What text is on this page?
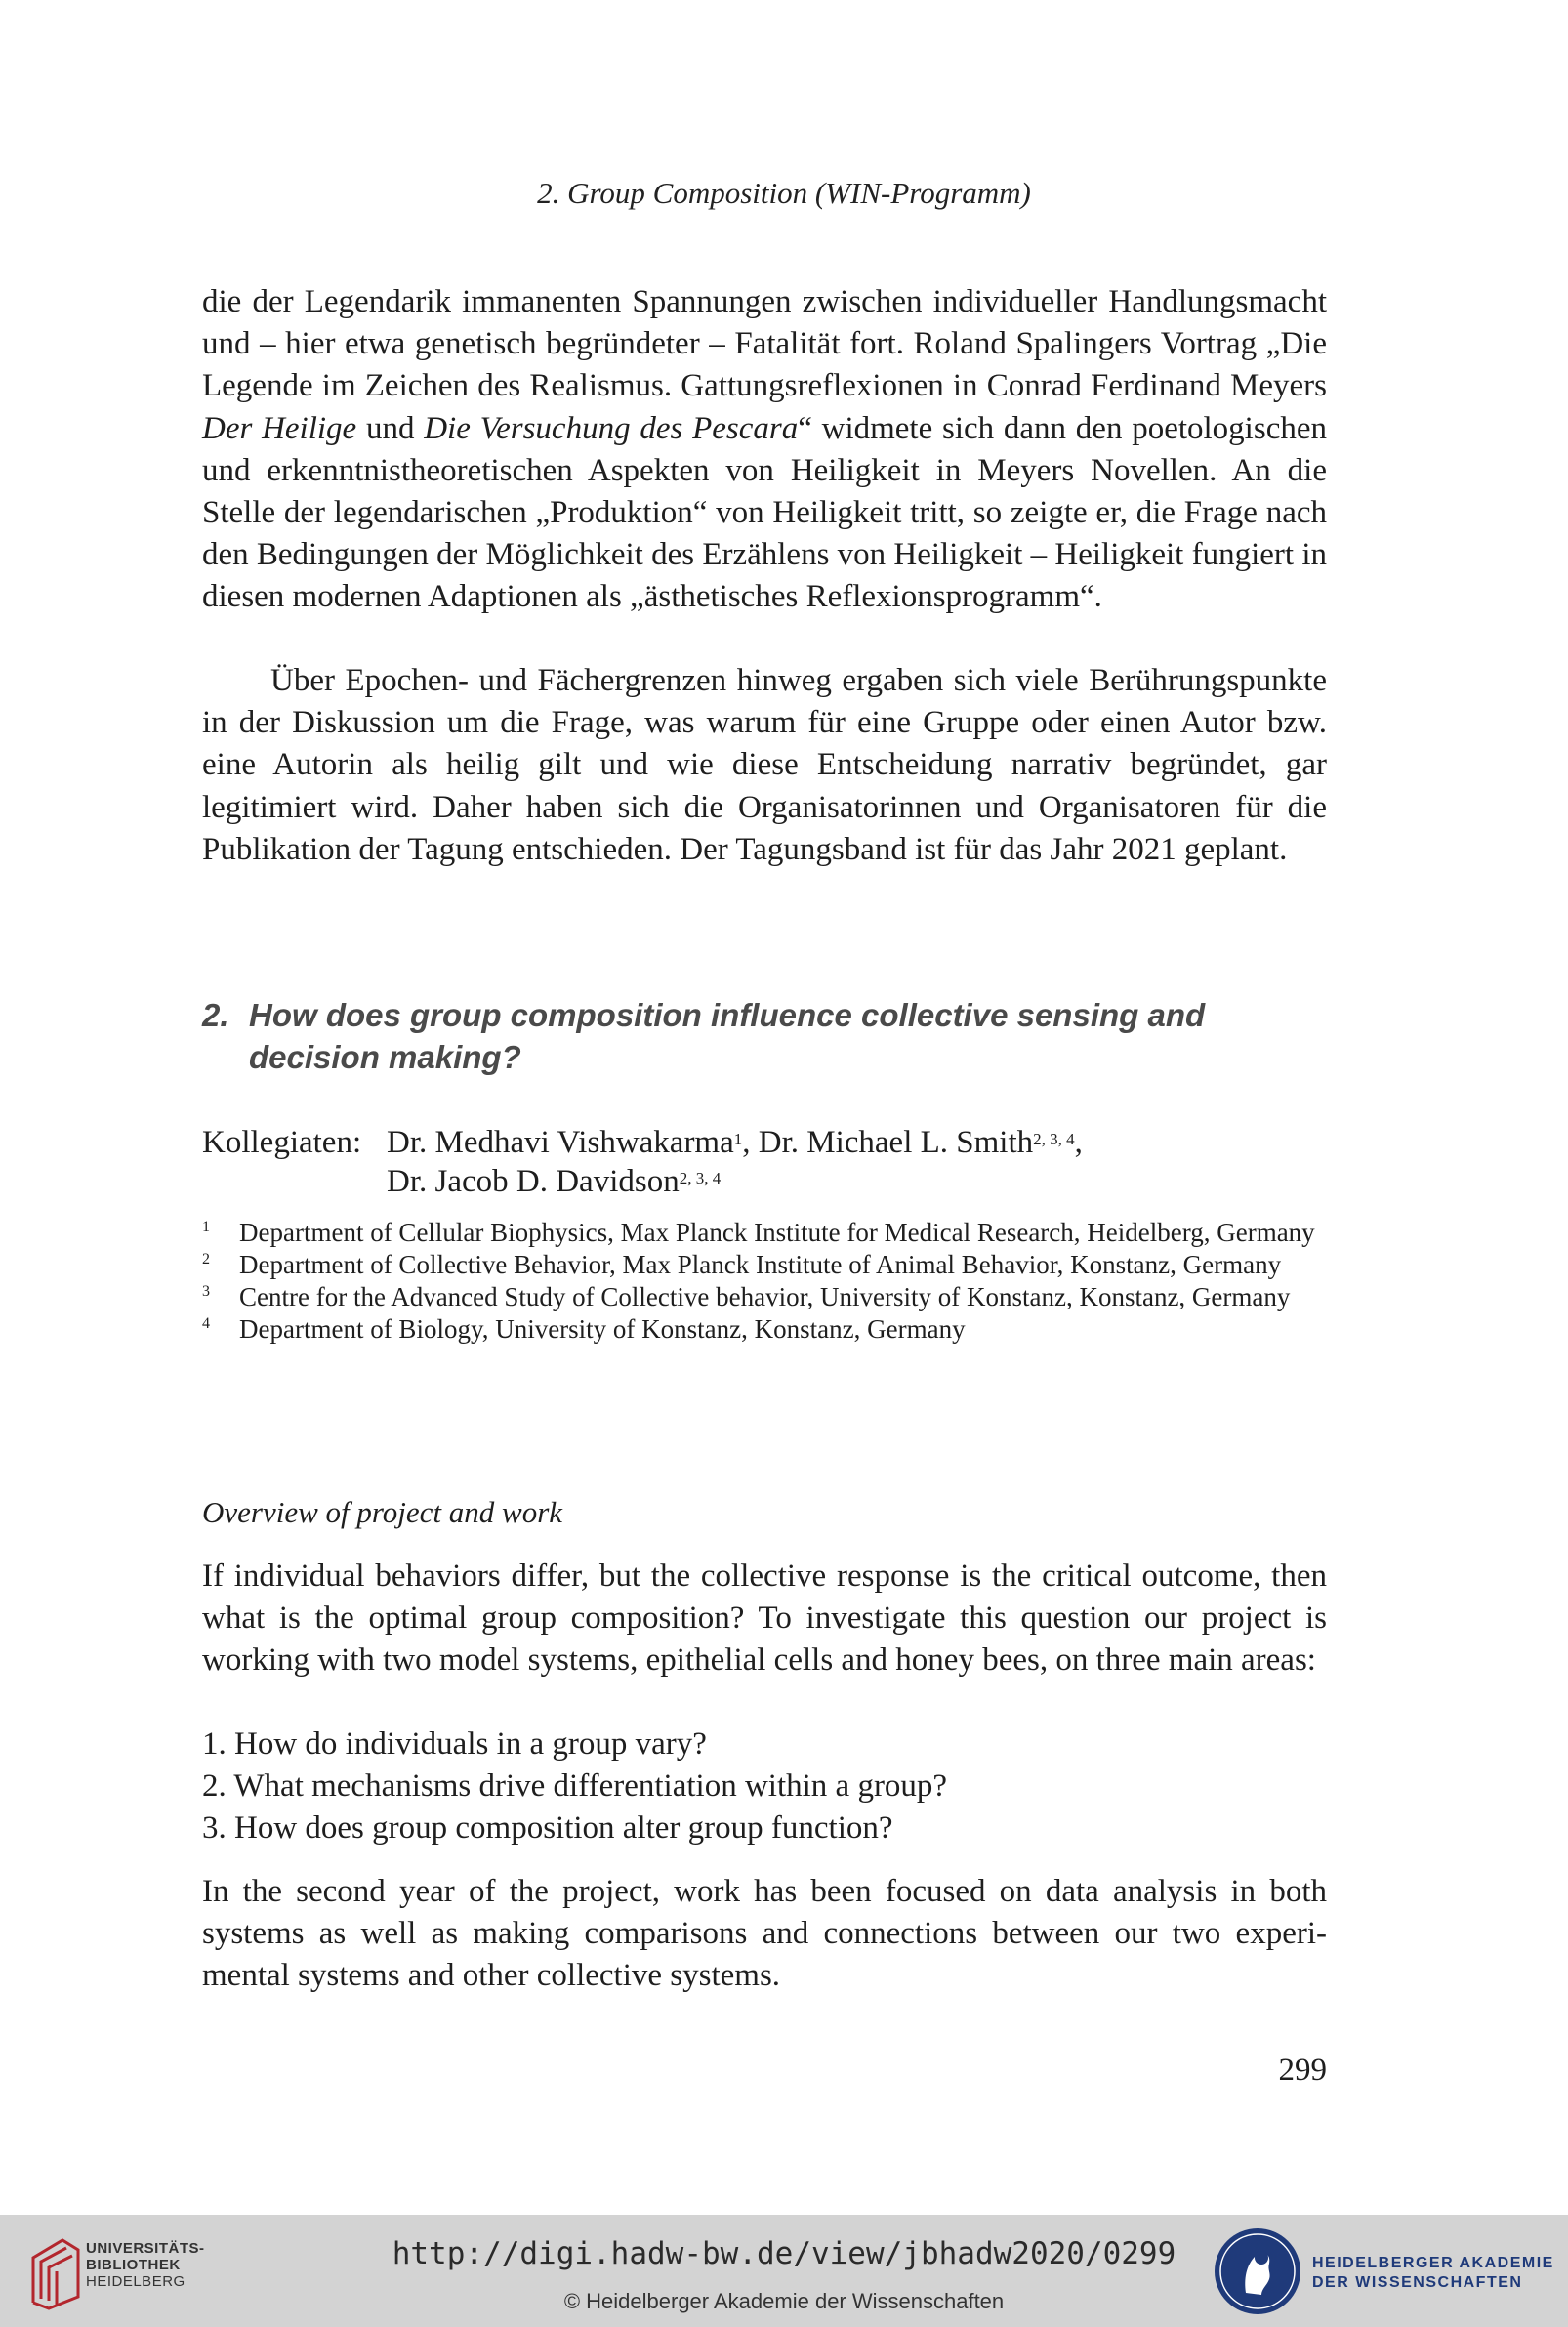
2. Group Composition (WIN-Programm)

die der Legendarik immanenten Spannungen zwischen individueller Handlungsmacht und – hier etwa genetisch begründeter – Fatalität fort. Roland Spalingers Vortrag „Die Legende im Zeichen des Realismus. Gattungsreflexionen in Conrad Ferdinand Meyers Der Heilige und Die Versuchung des Pescara“ widmete sich dann den poetologischen und erkenntnistheoretischen Aspekten von Heiligkeit in Meyers Novellen. An die Stelle der legendarischen „Produktion“ von Heiligkeit tritt, so zeigte er, die Frage nach den Bedingungen der Möglichkeit des Erzählens von Heiligkeit – Heiligkeit fungiert in diesen modernen Adaptionen als „ästhetisches Reflexionsprogramm“.

Über Epochen- und Fächergrenzen hinweg ergaben sich viele Berührungspunkte in der Diskussion um die Frage, was warum für eine Gruppe oder einen Autor bzw. eine Autorin als heilig gilt und wie diese Entscheidung narrativ begründet, gar legitimiert wird. Daher haben sich die Organisatorinnen und Organisatoren für die Publikation der Tagung entschieden. Der Tagungsband ist für das Jahr 2021 geplant.

2. How does group composition influence collective sensing and decision making?
Kollegiaten: Dr. Medhavi Vishwakarma$^1$, Dr. Michael L. Smith$^{2, 3, 4}$,
Dr. Jacob D. Davidson$^{2, 3, 4}$
1 Department of Cellular Biophysics, Max Planck Institute for Medical Research, Heidelberg, Germany
2 Department of Collective Behavior, Max Planck Institute of Animal Behavior, Konstanz, Germany
3 Centre for the Advanced Study of Collective behavior, University of Konstanz, Konstanz, Germany
4 Department of Biology, University of Konstanz, Konstanz, Germany
Overview of project and work

If individual behaviors differ, but the collective response is the critical outcome, then what is the optimal group composition? To investigate this question our project is working with two model systems, epithelial cells and honey bees, on three main areas:

1. How do individuals in a group vary?
2. What mechanisms drive differentiation within a group?
3. How does group composition alter group function?

In the second year of the project, work has been focused on data analysis in both systems as well as making comparisons and connections between our two experimental systems and other collective systems.

299
UNIVERSITÄTS-
BIBLIOTHEK
HEIDELBERG
http://digi.hadw-bw.de/view/jbhadw2020/0299
© Heidelberger Akademie der Wissenschaften
HEIDELBERGER AKADEMIE
DER WISSENSCHAFTEN
